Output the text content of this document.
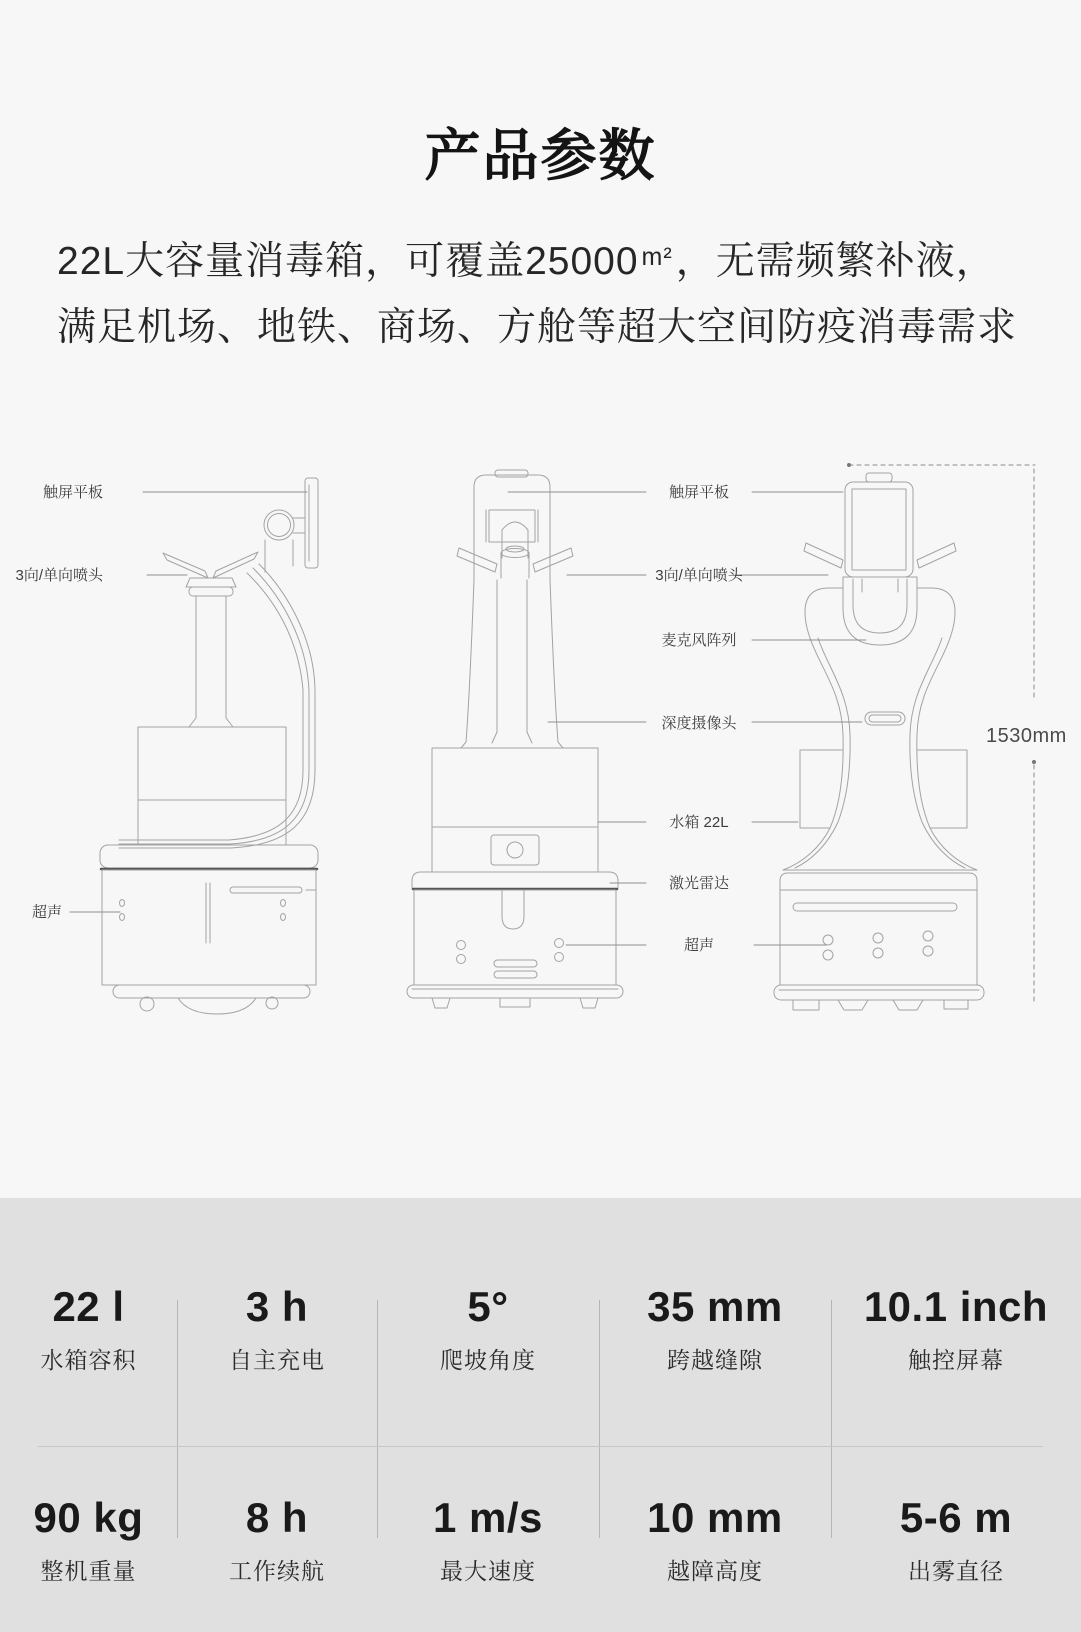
产品参数

22L大容量消毒箱，可覆盖25000 $^{m^2}$，无需频繁补液，
满足机场、地铁、商场、方舱等超大空间防疫消毒需求

触屏平板
3向/单向喷头
超声
触屏平板
3向/单向喷头
麦克风阵列
深度摄像头
水箱 22L
激光雷达
超声
1530mm
22 l
水箱容积
3 h
自主充电
5°
爬坡角度
35 mm
跨越缝隙
10.1 inch
触控屏幕
90 kg
整机重量
8 h
工作续航
1 m/s
最大速度
10 mm
越障高度
5-6 m
出雾直径
